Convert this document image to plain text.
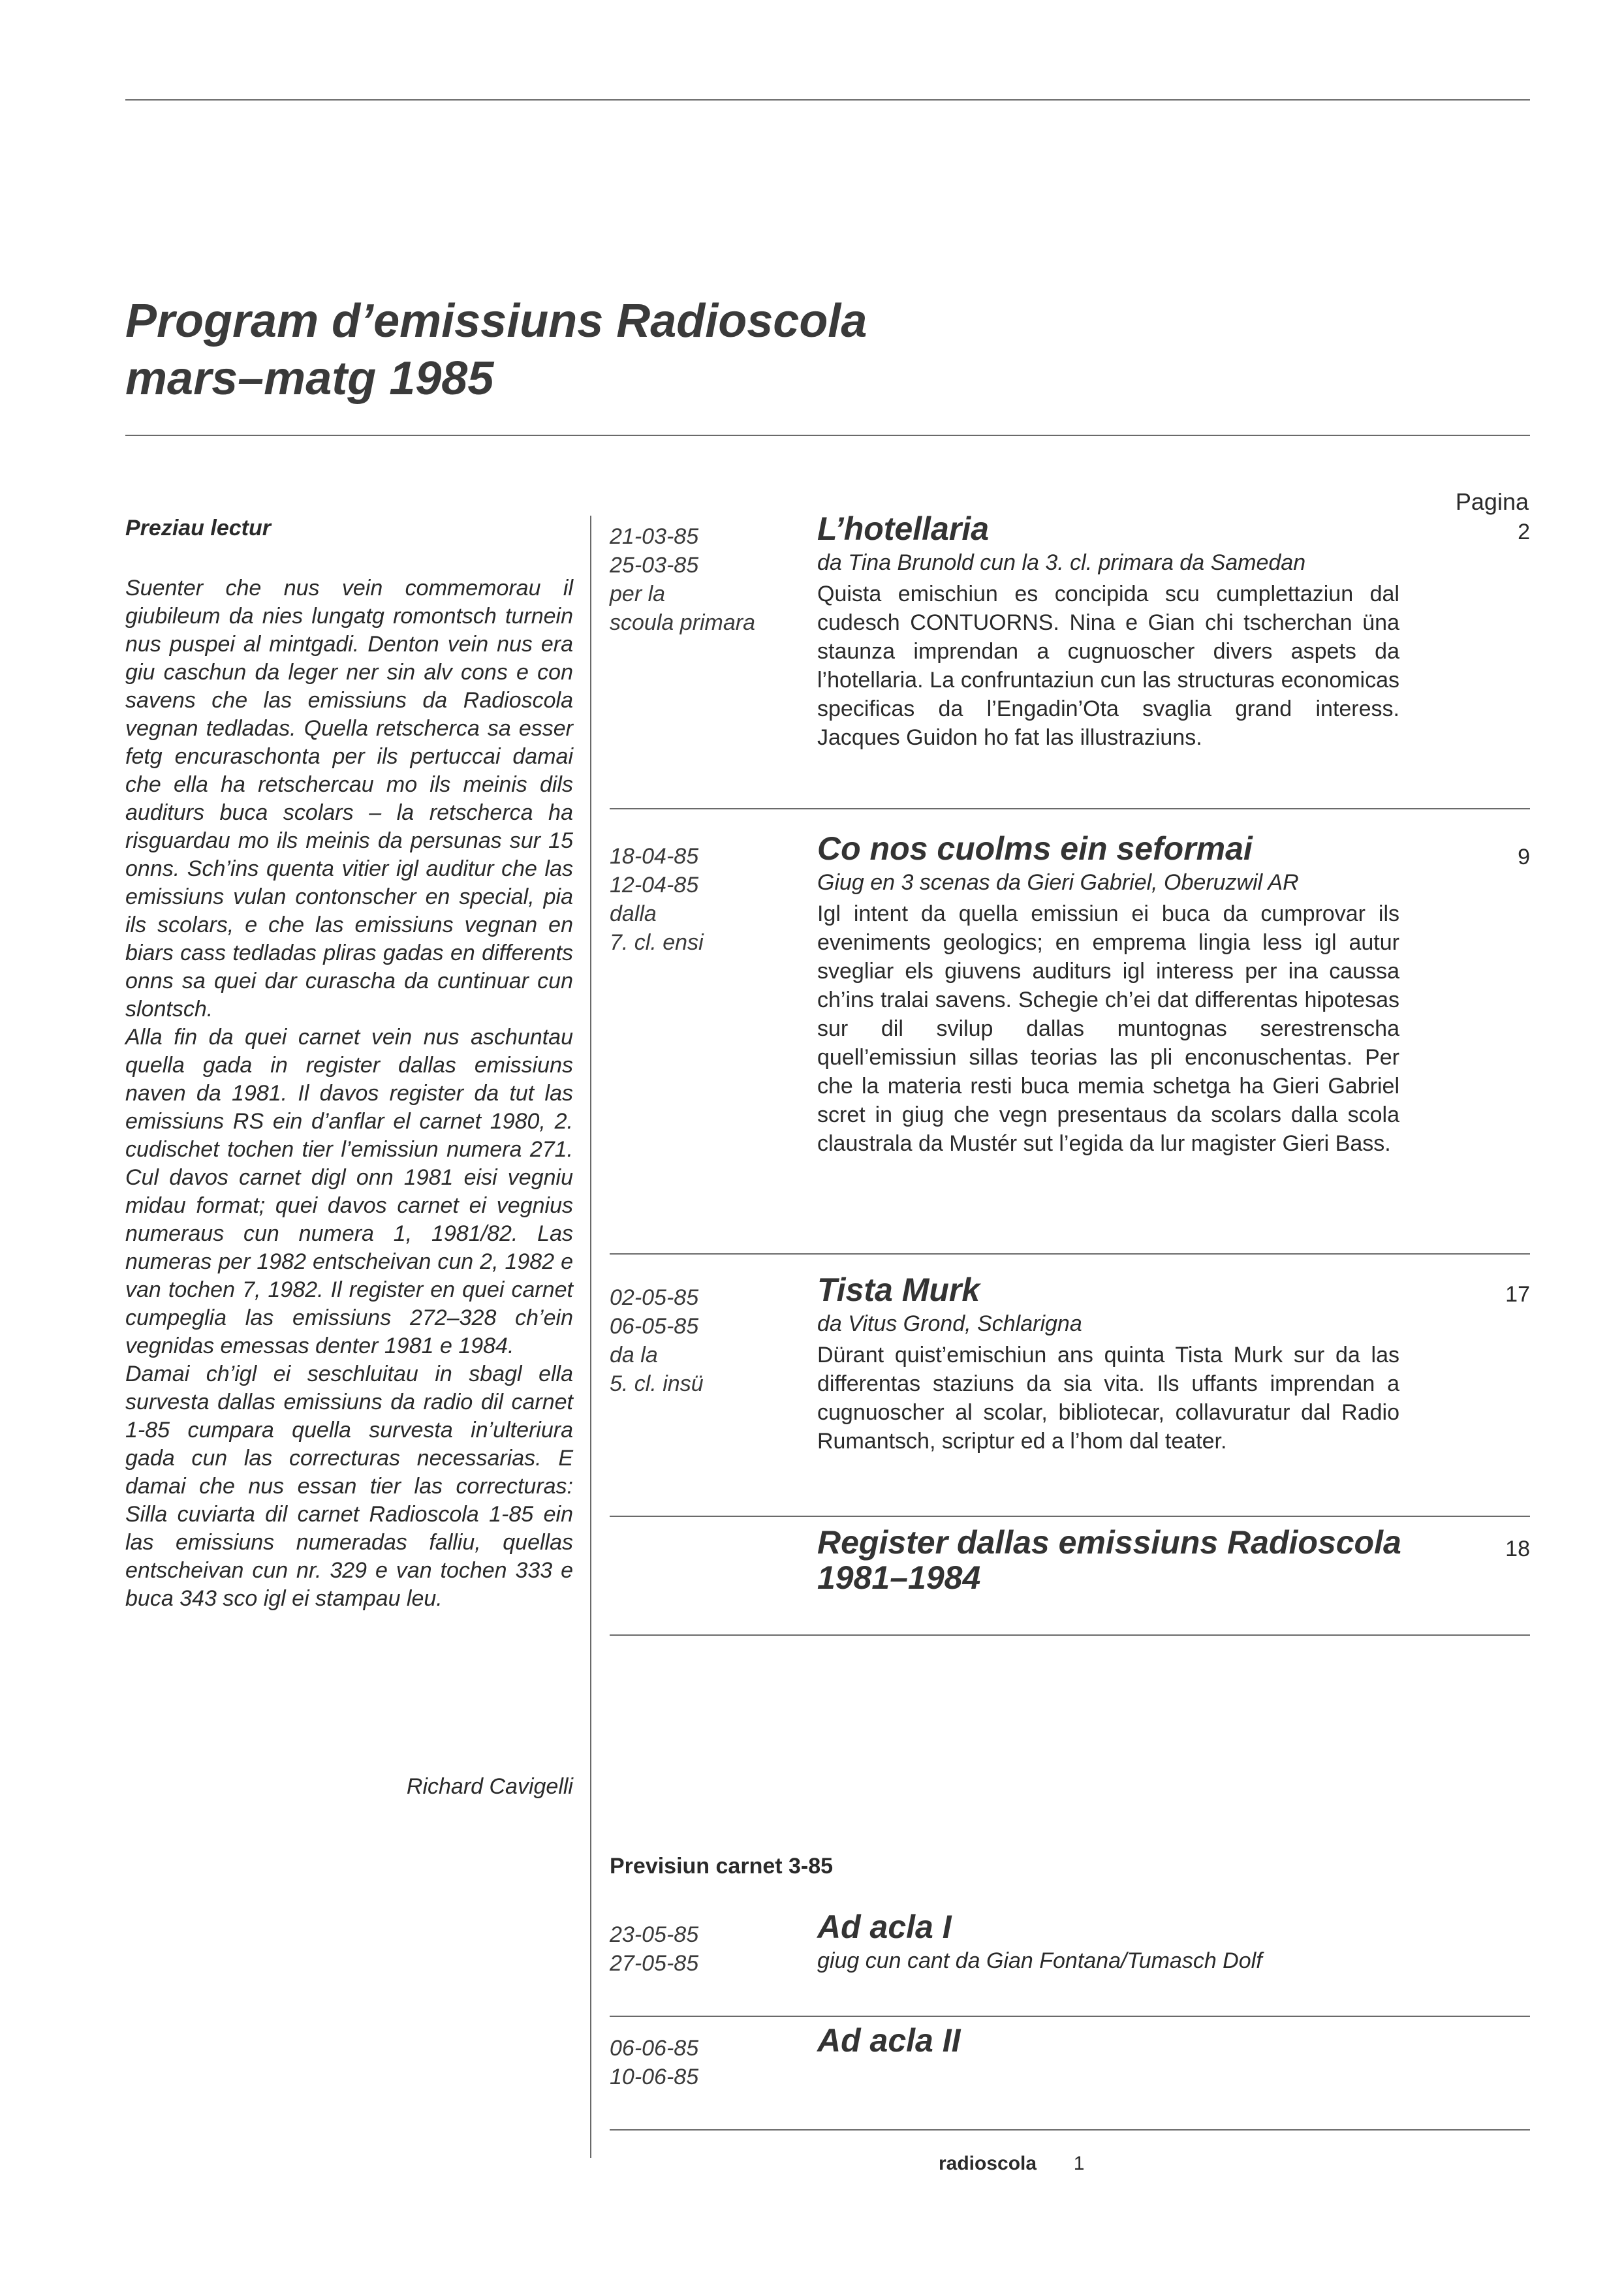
Program d’emissiuns Radioscola
mars–matg 1985
Preziau lectur

Suenter che nus vein commemorau il giubileum da nies lungatg romontsch turnein nus puspei al mintgadi. Denton vein nus era giu caschun da leger ner sin alv cons e con savens che las emissiuns da Radioscola vegnan tedladas. Quella retscherca sa esser fetg encuraschonta per ils pertuccai damai che ella ha retschercau mo ils meinis dils auditurs buca scolars – la retscherca ha risguardau mo ils meinis da persunas sur 15 onns. Sch’ins quenta vitier igl auditur che las emissiuns vulan contonscher en special, pia ils scolars, e che las emissiuns vegnan en biars cass tedladas pliras gadas en differents onns sa quei dar curascha da cuntinuar cun slontsch.

Alla fin da quei carnet vein nus aschuntau quella gada in register dallas emissiuns naven da 1981. Il davos register da tut las emissiuns RS ein d’anflar el carnet 1980, 2. cudischet tochen tier l’emissiun numera 271. Cul davos carnet digl onn 1981 eisi vegniu midau format; quei davos carnet ei vegnius numeraus cun numera 1, 1981/82. Las numeras per 1982 entscheivan cun 2, 1982 e van tochen 7, 1982. Il register en quei carnet cumpeglia las emissiuns 272–328 ch’ein vegnidas emessas denter 1981 e 1984.

Damai ch’igl ei seschluitau in sbagl ella survesta dallas emissiuns da radio dil carnet 1-85 cumpara quella survesta in’ulteriura gada cun las correcturas necessarias. E damai che nus essan tier las correcturas: Silla cuviarta dil carnet Radioscola 1-85 ein las emissiuns numeradas falliu, quellas entscheivan cun nr. 329 e van tochen 333 e buca 343 sco igl ei stampau leu.

Richard Cavigelli
Pagina
21-03-85
25-03-85
per la
scoula primara
L’hotellaria
da Tina Brunold cun la 3. cl. primara da Samedan
Quista emischiun es concipida scu cumplettaziun dal cudesch CONTUORNS. Nina e Gian chi tscherchan üna staunza imprendan a cugnuoscher divers aspets da l’hotellaria. La confruntaziun cun las structuras economicas specificas da l’Engadin’Ota svaglia grand interess. Jacques Guidon ho fat las illustraziuns.
2
18-04-85
12-04-85
dalla
7. cl. ensi
Co nos cuolms ein seformai
Giug en 3 scenas da Gieri Gabriel, Oberuzwil AR
Igl intent da quella emissiun ei buca da cumprovar ils eveniments geologics; en emprema lingia less igl autur svegliar els giuvens auditurs igl interess per ina caussa ch’ins tralai savens. Schegie ch’ei dat differentas hipotesas sur dil svilup dallas muntognas serestrenscha quell’emissiun sillas teorias las pli enconuschentas. Per che la materia resti buca memia schetga ha Gieri Gabriel scret in giug che vegn presentaus da scolars dalla scola claustrala da Mustér sut l’egida da lur magister Gieri Bass.
9
02-05-85
06-05-85
da la
5. cl. insü
Tista Murk
da Vitus Grond, Schlarigna
Dürant quist’emischiun ans quinta Tista Murk sur da las differentas staziuns da sia vita. Ils uffants imprendan a cugnuoscher al scolar, bibliotecar, collavuratur dal Radio Rumantsch, scriptur ed a l’hom dal teater.
17
Register dallas emissiuns Radioscola
1981–1984
18
Previsiun carnet 3-85
23-05-85
27-05-85
Ad acla I
giug cun cant da Gian Fontana/Tumasch Dolf
06-06-85
10-06-85
Ad acla II
radioscola 1
